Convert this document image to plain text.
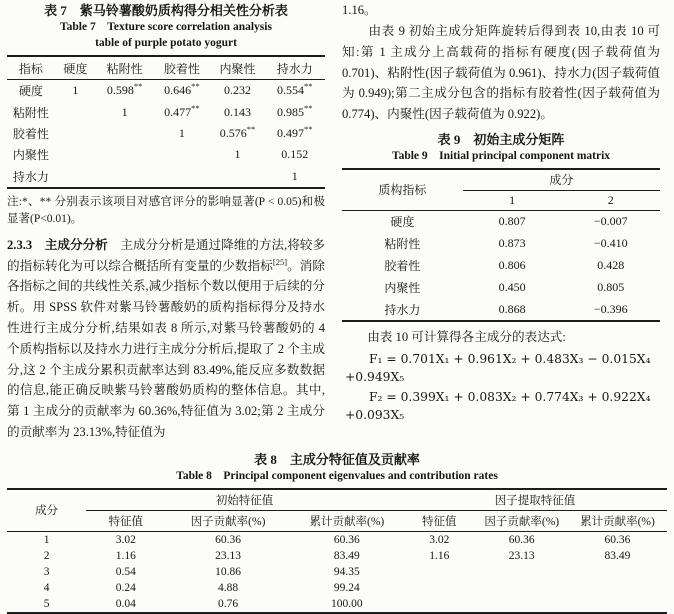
表 7　紫马铃薯酸奶质构得分相关性分析表
Table 7　Texture score correlation analysis
table of purple potato yogurt
指标	硬度	粘附性	胶着性	内聚性	持水力
硬度	1	0.598**	0.646**	0.232	0.554**
粘附性		1	0.477**	0.143	0.985**
胶着性			1	0.576**	0.497**
内聚性				1	0.152
持水力					1

注:*、** 分别表示该项目对感官评分的影响显著(P < 0.05)和极显著(P<0.01)。

2.3.3　主成分分析　主成分分析是通过降维的方法,将较多的指标转化为可以综合概括所有变量的少数指标[25]。消除各指标之间的共线性关系,减少指标个数以便用于后续的分析。用 SPSS 软件对紫马铃薯酸奶的质构指标得分及持水性进行主成分分析,结果如表 8 所示,对紫马铃薯酸奶的 4 个质构指标以及持水力进行主成分分析后,提取了 2 个主成分,这 2 个主成分累积贡献率达到 83.49%,能反应多数数据的信息,能正确反映紫马铃薯酸奶质构的整体信息。其中,第 1 主成分的贡献率为 60.36%,特征值为 3.02;第 2 主成分的贡献率为 23.13%,特征值为

1.16。

　　由表 9 初始主成分矩阵旋转后得到表 10,由表 10 可知:第 1 主成分上高载荷的指标有硬度(因子载荷值为 0.701)、粘附性(因子载荷值为 0.961)、持水力(因子载荷值为 0.949);第二主成分包含的指标有胶着性(因子载荷值为 0.774)、内聚性(因子载荷值为 0.922)。

表 9　初始主成分矩阵
Table 9　Initial principal component matrix
质构指标	成分	
	1	2
硬度	0.807	−0.007
粘附性	0.873	−0.410
胶着性	0.806	0.428
内聚性	0.450	0.805
持水力	0.868	−0.396

　　由表 10 可计算得各主成分的表达式:

F₁ = 0.701X₁ + 0.961X₂ + 0.483X₃ − 0.015X₄
+0.949X₅
F₂ = 0.399X₁ + 0.083X₂ + 0.774X₃ + 0.922X₄
+0.093X₅
表 8　主成分特征值及贡献率
Table 8　Principal component eigenvalues and contribution rates
成分	初始特征值			因子提取特征值		
	特征值	因子贡献率(%)	累计贡献率(%)	特征值	因子贡献率(%)	累计贡献率(%)
1	3.02	60.36	60.36	3.02	60.36	60.36
2	1.16	23.13	83.49	1.16	23.13	83.49
3	0.54	10.86	94.35			
4	0.24	4.88	99.24			
5	0.04	0.76	100.00			
